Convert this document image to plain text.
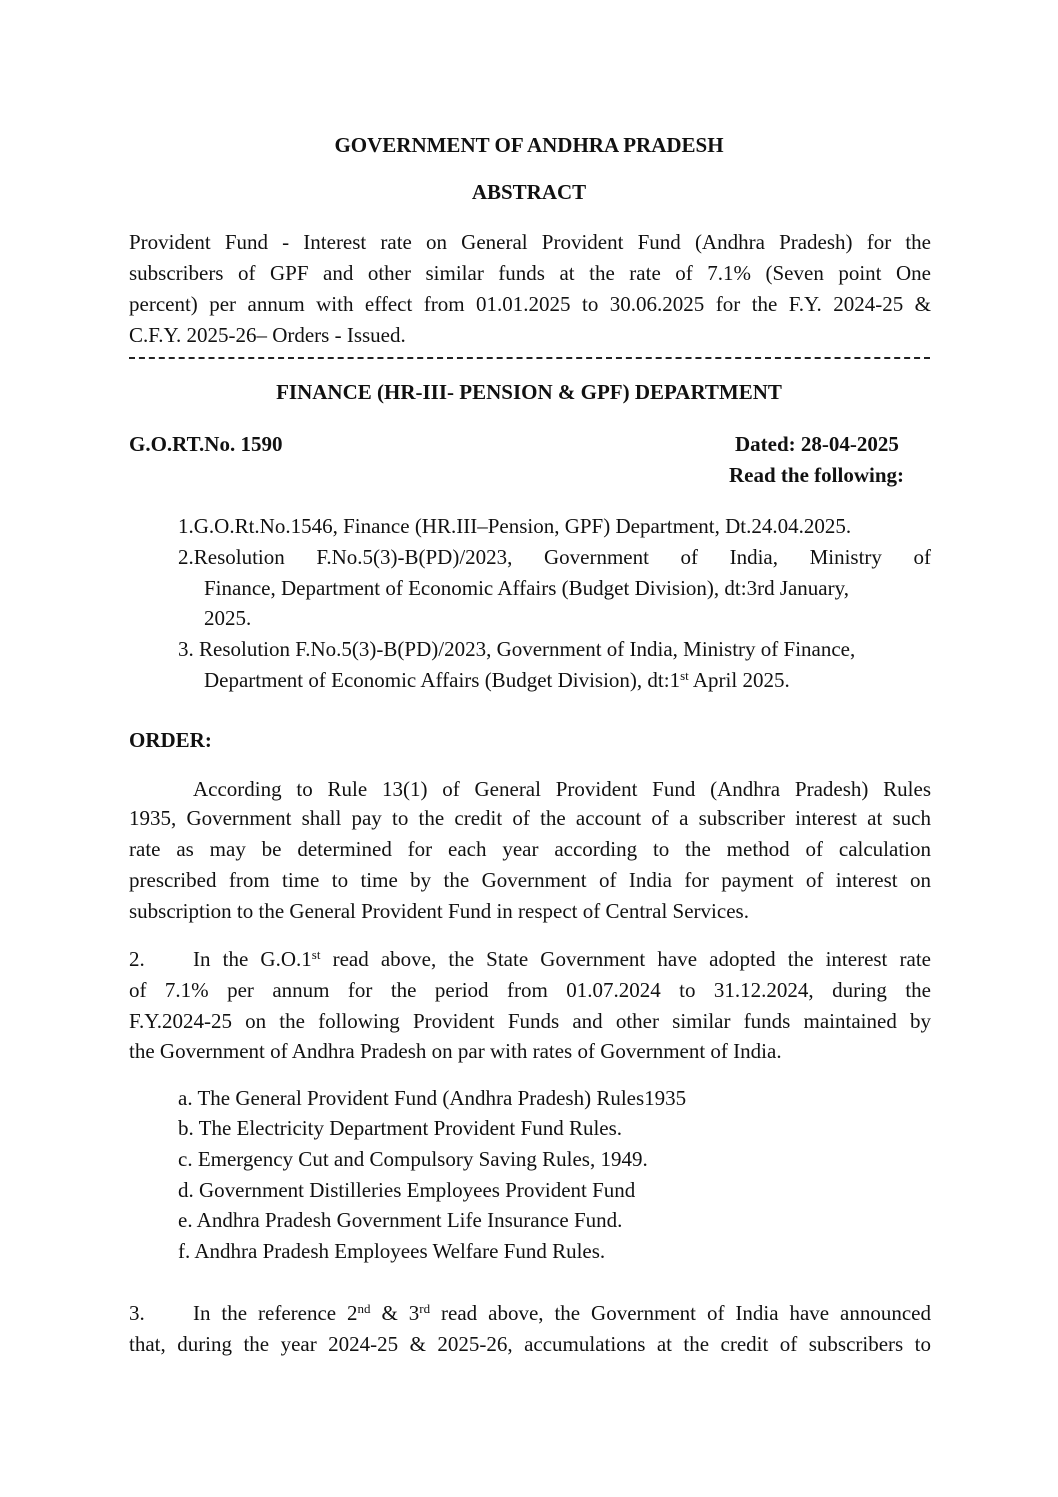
GOVERNMENT OF ANDHRA PRADESH
ABSTRACT
Provident Fund - Interest rate on General Provident Fund (Andhra Pradesh) for the
subscribers of GPF and other similar funds at the rate of 7.1% (Seven point One
percent) per annum with effect from 01.01.2025 to 30.06.2025 for the F.Y. 2024-25 &
C.F.Y. 2025-26– Orders - Issued.
FINANCE (HR-III- PENSION & GPF) DEPARTMENT
G.O.RT.No. 1590	Dated: 28-04-2025
Read the following:
1.G.O.Rt.No.1546, Finance (HR.III–Pension, GPF) Department, Dt.24.04.2025.
2.Resolution F.No.5(3)-B(PD)/2023, Government of India, Ministry of
Finance, Department of Economic Affairs (Budget Division), dt:3rd January,
2025.
3. Resolution F.No.5(3)-B(PD)/2023, Government of India, Ministry of Finance,
Department of Economic Affairs (Budget Division), dt:1st April 2025.
ORDER:
According to Rule 13(1) of General Provident Fund (Andhra Pradesh) Rules
1935, Government shall pay to the credit of the account of a subscriber interest at such
rate as may be determined for each year according to the method of calculation
prescribed from time to time by the Government of India for payment of interest on
subscription to the General Provident Fund in respect of Central Services.
2. In the G.O.1st read above, the State Government have adopted the interest rate
of 7.1% per annum for the period from 01.07.2024 to 31.12.2024, during the
F.Y.2024-25 on the following Provident Funds and other similar funds maintained by
the Government of Andhra Pradesh on par with rates of Government of India.
a. The General Provident Fund (Andhra Pradesh) Rules1935
b. The Electricity Department Provident Fund Rules.
c. Emergency Cut and Compulsory Saving Rules, 1949.
d. Government Distilleries Employees Provident Fund
e. Andhra Pradesh Government Life Insurance Fund.
f. Andhra Pradesh Employees Welfare Fund Rules.
3. In the reference 2nd & 3rd read above, the Government of India have announced
that, during the year 2024-25 & 2025-26, accumulations at the credit of subscribers to
